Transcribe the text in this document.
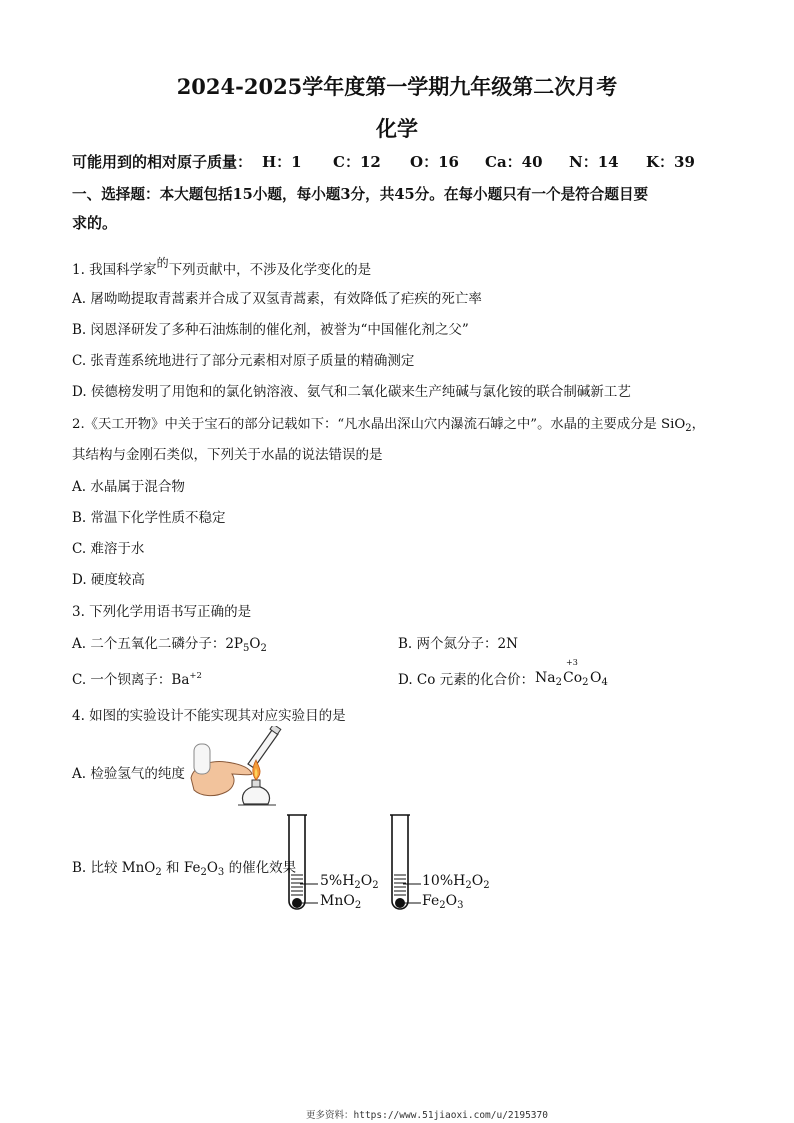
2024-2025学年度第一学期九年级第二次月考
化学
可能用到的相对原子质量： H：1 C：12 O：16 Ca：40 N：14 K：39
一、选择题：本大题包括15小题，每小题3分，共45分。在每小题只有一个是符合题目要
求的。
1. 我国科学家的下列贡献中，不涉及化学变化的是
A. 屠呦呦提取青蒿素并合成了双氢青蒿素，有效降低了疟疾的死亡率
B. 闵恩泽研发了多种石油炼制的催化剂，被誉为“中国催化剂之父”
C. 张青莲系统地进行了部分元素相对原子质量的精确测定
D. 侯德榜发明了用饱和的氯化钠溶液、氨气和二氧化碳来生产纯碱与氯化铵的联合制碱新工艺
2.《天工开物》中关于宝石的部分记载如下：“凡水晶出深山穴内瀑流石罅之中”。水晶的主要成分是 SiO$_2$，
其结构与金刚石类似，下列关于水晶的说法错误的是
A. 水晶属于混合物
B. 常温下化学性质不稳定
C. 难溶于水
D. 硬度较高
3. 下列化学用语书写正确的是
A. 二个五氧化二磷分子：$2P_5O_2$	B. 两个氮分子：2N
C. 一个钡离子：$Ba^{+2}$	D. Co 元素的化合价：
+3
$Na_2$ $Co_2$ $O_4$
4. 如图的实验设计不能实现其对应实验目的是
A. 检验氢气的纯度
B. 比较 MnO$_2$ 和 $Fe_2O_3$ 的催化效果
$5\%H_2O_2$
MnO$_2$
$10\%H_2O_2$
$Fe_2O_3$
更多资料：https://www.51jiaoxi.com/u/2195370
